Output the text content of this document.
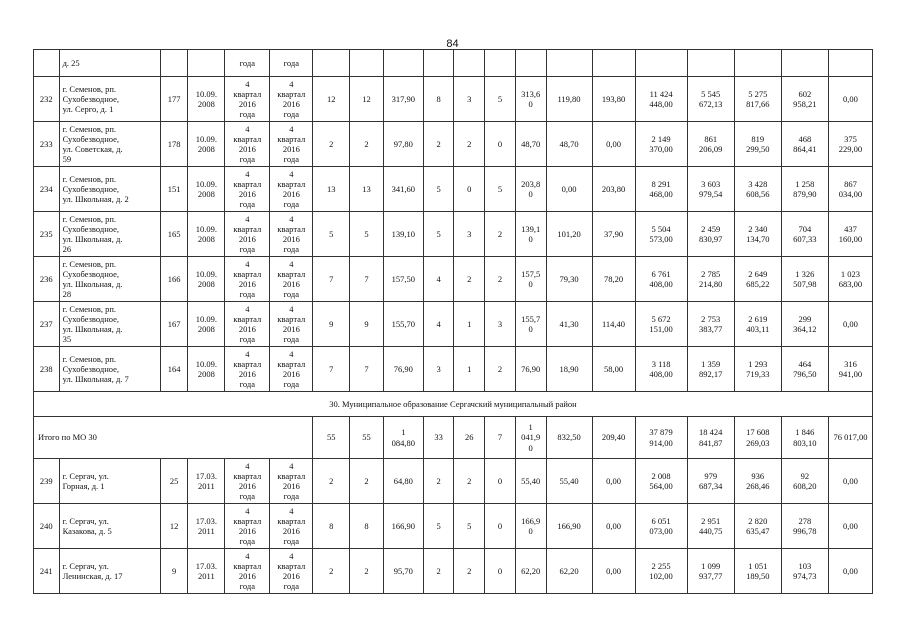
84
	д. 25			года	года														
232	г. Семенов, рп.
Сухобезводное,
ул. Серго, д. 1	177	10.09.
2008	4
квартал
2016
года	4
квартал
2016
года	12	12	317,90	8	3	5	313,6
0	119,80	193,80	11 424
448,00	5 545
672,13	5 275
817,66	602
958,21	0,00
233	г. Семенов, рп.
Сухобезводное,
ул. Советская, д.
59	178	10.09.
2008	4
квартал
2016
года	4
квартал
2016
года	2	2	97,80	2	2	0	48,70	48,70	0,00	2 149
370,00	861
206,09	819
299,50	468
864,41	375
229,00
234	г. Семенов, рп.
Сухобезводное,
ул. Школьная, д. 2	151	10.09.
2008	4
квартал
2016
года	4
квартал
2016
года	13	13	341,60	5	0	5	203,8
0	0,00	203,80	8 291
468,00	3 603
979,54	3 428
608,56	1 258
879,90	867
034,00
235	г. Семенов, рп.
Сухобезводное,
ул. Школьная, д.
26	165	10.09.
2008	4
квартал
2016
года	4
квартал
2016
года	5	5	139,10	5	3	2	139,1
0	101,20	37,90	5 504
573,00	2 459
830,97	2 340
134,70	704
607,33	437
160,00
236	г. Семенов, рп.
Сухобезводное,
ул. Школьная, д.
28	166	10.09.
2008	4
квартал
2016
года	4
квартал
2016
года	7	7	157,50	4	2	2	157,5
0	79,30	78,20	6 761
408,00	2 785
214,80	2 649
685,22	1 326
507,98	1 023
683,00
237	г. Семенов, рп.
Сухобезводное,
ул. Школьная, д.
35	167	10.09.
2008	4
квартал
2016
года	4
квартал
2016
года	9	9	155,70	4	1	3	155,7
0	41,30	114,40	5 672
151,00	2 753
383,77	2 619
403,11	299
364,12	0,00
238	г. Семенов, рп.
Сухобезводное,
ул. Школьная, д. 7	164	10.09.
2008	4
квартал
2016
года	4
квартал
2016
года	7	7	76,90	3	1	2	76,90	18,90	58,00	3 118
408,00	1 359
892,17	1 293
719,33	464
796,50	316
941,00
30. Муниципальное образование Сергачский муниципальный район																			
Итого по МО 30						55	55	1
084,80	33	26	7	1
041,9
0	832,50	209,40	37 879
914,00	18 424
841,87	17 608
269,03	1 846
803,10	76 017,00
239	г. Сергач, ул.
Горная, д. 1	25	17.03.
2011	4
квартал
2016
года	4
квартал
2016
года	2	2	64,80	2	2	0	55,40	55,40	0,00	2 008
564,00	979
687,34	936
268,46	92
608,20	0,00
240	г. Сергач, ул.
Казакова, д. 5	12	17.03.
2011	4
квартал
2016
года	4
квартал
2016
года	8	8	166,90	5	5	0	166,9
0	166,90	0,00	6 051
073,00	2 951
440,75	2 820
635,47	278
996,78	0,00
241	г. Сергач, ул.
Ленинская, д. 17	9	17.03.
2011	4
квартал
2016
года	4
квартал
2016
года	2	2	95,70	2	2	0	62,20	62,20	0,00	2 255
102,00	1 099
937,77	1 051
189,50	103
974,73	0,00
